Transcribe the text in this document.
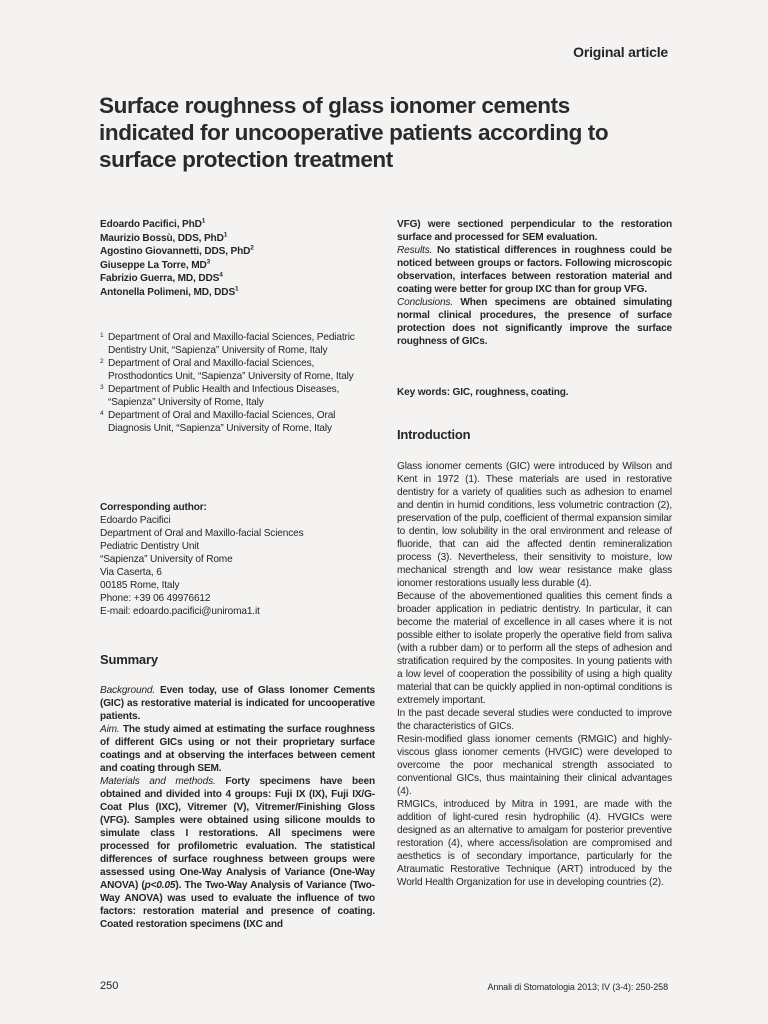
Original article
Surface roughness of glass ionomer cements indicated for uncooperative patients according to surface protection treatment
Edoardo Pacifici, PhD$^1$
Maurizio Bossù, DDS, PhD$^1$
Agostino Giovannetti, DDS, PhD$^2$
Giuseppe La Torre, $MD^3$
Fabrizio Guerra, MD, DDS$^4$
Antonella Polimeni, MD, DDS$^1$
1 Department of Oral and Maxillo-facial Sciences, Pediatric Dentistry Unit, “Sapienza” University of Rome, Italy
2 Department of Oral and Maxillo-facial Sciences, Prosthodontics Unit, “Sapienza” University of Rome, Italy
3 Department of Public Health and Infectious Diseases, “Sapienza” University of Rome, Italy
4 Department of Oral and Maxillo-facial Sciences, Oral Diagnosis Unit, “Sapienza” University of Rome, Italy
Corresponding author:
Edoardo Pacifici
Department of Oral and Maxillo-facial Sciences
Pediatric Dentistry Unit
“Sapienza” University of Rome
Via Caserta, 6
00185 Rome, Italy
Phone: +39 06 49976612
E-mail: edoardo.pacifici@uniroma1.it
Summary

Background. Even today, use of Glass Ionomer Cements (GIC) as restorative material is indicated for uncooperative patients.

Aim. The study aimed at estimating the surface roughness of different GICs using or not their proprietary surface coatings and at observing the interfaces between cement and coating through SEM.

Materials and methods. Forty specimens have been obtained and divided into 4 groups: Fuji IX (IX), Fuji IX/G-Coat Plus (IXC), Vitremer (V), Vitremer/Finishing Gloss (VFG). Samples were obtained using silicone moulds to simulate class I restorations. All specimens were processed for profilometric evaluation. The statistical differences of surface roughness between groups were assessed using One-Way Analysis of Variance (One-Way ANOVA) (p<0.05). The Two-Way Analysis of Variance (Two-Way ANOVA) was used to evaluate the influence of two factors: restoration material and presence of coating. Coated restoration specimens (IXC and

VFG) were sectioned perpendicular to the restoration surface and processed for SEM evaluation.

Results. No statistical differences in roughness could be noticed between groups or factors. Following microscopic observation, interfaces between restoration material and coating were better for group IXC than for group VFG.

Conclusions. When specimens are obtained simulating normal clinical procedures, the presence of surface protection does not significantly improve the surface roughness of GICs.

Key words: GIC, roughness, coating.
Introduction

Glass ionomer cements (GIC) were introduced by Wilson and Kent in 1972 (1). These materials are used in restorative dentistry for a variety of qualities such as adhesion to enamel and dentin in humid conditions, less volumetric contraction (2), preservation of the pulp, coefficient of thermal expansion similar to dentin, low solubility in the oral environment and release of fluoride, that can aid the affected dentin remineralization process (3). Nevertheless, their sensitivity to moisture, low mechanical strength and low wear resistance make glass ionomer restorations usually less durable (4).

Because of the abovementioned qualities this cement finds a broader application in pediatric dentistry. In particular, it can become the material of excellence in all cases where it is not possible either to isolate properly the operative field from saliva (with a rubber dam) or to perform all the steps of adhesion and stratification required by the composites. In young patients with a low level of cooperation the possibility of using a high quality material that can be quickly applied in non-optimal conditions is extremely important.

In the past decade several studies were conducted to improve the characteristics of GICs.

Resin-modified glass ionomer cements (RMGIC) and highly-viscous glass ionomer cements (HVGIC) were developed to overcome the poor mechanical strength associated to conventional GICs, thus maintaining their clinical advantages (4).

RMGICs, introduced by Mitra in 1991, are made with the addition of light-cured resin hydrophilic (4). HVGICs were designed as an alternative to amalgam for posterior preventive restoration (4), where access/isolation are compromised and aesthetics is of secondary importance, particularly for the Atraumatic Restorative Technique (ART) introduced by the World Health Organization for use in developing countries (2).

250	Annali di Stomatologia 2013; IV (3-4): 250-258
